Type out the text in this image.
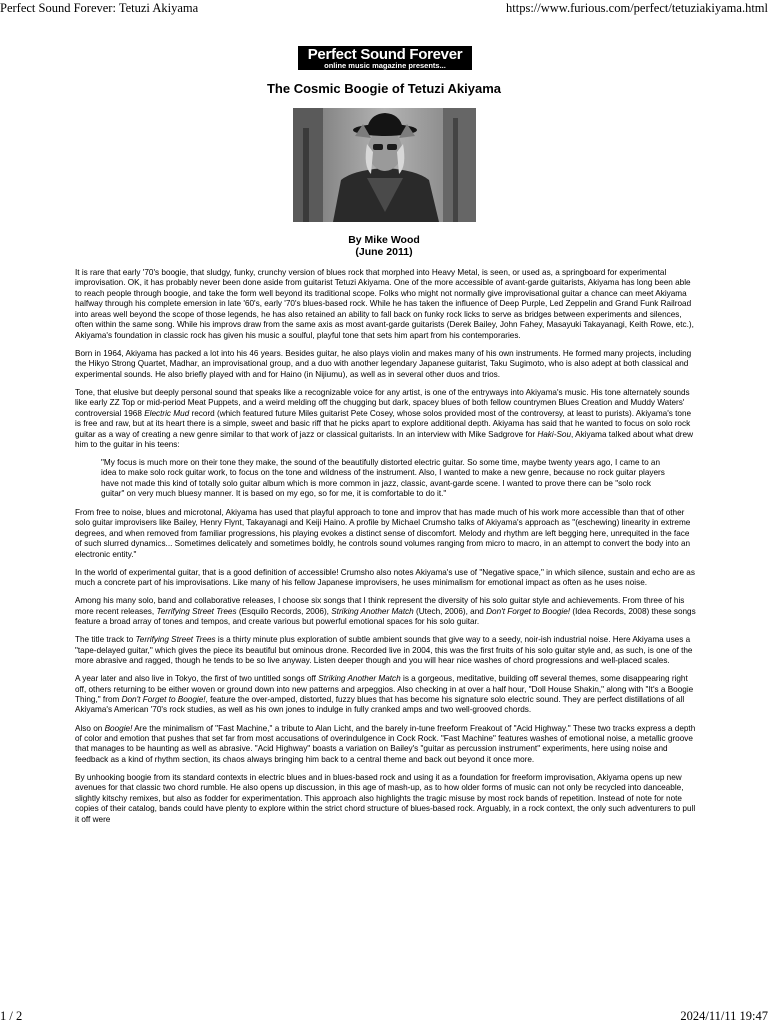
Perfect Sound Forever: Tetuzi Akiyama	https://www.furious.com/perfect/tetuziakiyama.html
Perfect Sound Forever
online music magazine presents...
The Cosmic Boogie of Tetuzi Akiyama
By Mike Wood
(June 2011)

It is rare that early '70's boogie, that sludgy, funky, crunchy version of blues rock that morphed into Heavy Metal, is seen, or used as, a springboard for experimental improvisation. OK, it has probably never been done aside from guitarist Tetuzi Akiyama. One of the more accessible of avant-garde guitarists, Akiyama has long been able to reach people through boogie, and take the form well beyond its traditional scope. Folks who might not normally give improvisational guitar a chance can meet Akiyama halfway through his complete emersion in late '60's, early '70's blues-based rock. While he has taken the influence of Deep Purple, Led Zeppelin and Grand Funk Railroad into areas well beyond the scope of those legends, he has also retained an ability to fall back on funky rock licks to serve as bridges between experiments and silences, often within the same song. While his improvs draw from the same axis as most avant-garde guitarists (Derek Bailey, John Fahey, Masayuki Takayanagi, Keith Rowe, etc.), Akiyama's foundation in classic rock has given his music a soulful, playful tone that sets him apart from his contemporaries.

Born in 1964, Akiyama has packed a lot into his 46 years. Besides guitar, he also plays violin and makes many of his own instruments. He formed many projects, including the Hikyo Strong Quartet, Madhar, an improvisational group, and a duo with another legendary Japanese guitarist, Taku Sugimoto, who is also adept at both classical and experimental sounds. He also briefly played with and for Haino (in Nijiumu), as well as in several other duos and trios.

Tone, that elusive but deeply personal sound that speaks like a recognizable voice for any artist, is one of the entryways into Akiyama's music. His tone alternately sounds like early ZZ Top or mid-period Meat Puppets, and a weird melding off the chugging but dark, spacey blues of both fellow countrymen Blues Creation and Muddy Waters' controversial 1968 Electric Mud record (which featured future Miles guitarist Pete Cosey, whose solos provided most of the controversy, at least to purists). Akiyama's tone is free and raw, but at its heart there is a simple, sweet and basic riff that he picks apart to explore additional depth. Akiyama has said that he wanted to focus on solo rock guitar as a way of creating a new genre similar to that work of jazz or classical guitarists. In an interview with Mike Sadgrove for Haki-Sou, Akiyama talked about what drew him to the guitar in his teens:

"My focus is much more on their tone they make, the sound of the beautifully distorted electric guitar. So some time, maybe twenty years ago, I came to an idea to make solo rock guitar work, to focus on the tone and wildness of the instrument. Also, I wanted to make a new genre, because no rock guitar players have not made this kind of totally solo guitar album which is more common in jazz, classic, avant-garde scene. I wanted to prove there can be "solo rock guitar" on very much bluesy manner. It is based on my ego, so for me, it is comfortable to do it."

From free to noise, blues and microtonal, Akiyama has used that playful approach to tone and improv that has made much of his work more accessible than that of other solo guitar improvisers like Bailey, Henry Flynt, Takayanagi and Keiji Haino. A profile by Michael Crumsho talks of Akiyama's approach as "(eschewing) linearity in extreme degrees, and when removed from familiar progressions, his playing evokes a distinct sense of discomfort. Melody and rhythm are left begging here, unrequited in the face of such slurred dynamics... Sometimes delicately and sometimes boldly, he controls sound volumes ranging from micro to macro, in an attempt to convert the body into an electronic entity."

In the world of experimental guitar, that is a good definition of accessible! Crumsho also notes Akiyama's use of "Negative space," in which silence, sustain and echo are as much a concrete part of his improvisations. Like many of his fellow Japanese improvisers, he uses minimalism for emotional impact as often as he uses noise.

Among his many solo, band and collaborative releases, I choose six songs that I think represent the diversity of his solo guitar style and achievements. From three of his more recent releases, Terrifying Street Trees (Esquilo Records, 2006), Striking Another Match (Utech, 2006), and Don't Forget to Boogie! (Idea Records, 2008) these songs feature a broad array of tones and tempos, and create various but powerful emotional spaces for his solo guitar.

The title track to Terrifying Street Trees is a thirty minute plus exploration of subtle ambient sounds that give way to a seedy, noir-ish industrial noise. Here Akiyama uses a "tape-delayed guitar," which gives the piece its beautiful but ominous drone. Recorded live in 2004, this was the first fruits of his solo guitar style and, as such, is one of the more abrasive and ragged, though he tends to be so live anyway. Listen deeper though and you will hear nice washes of chord progressions and well-placed scales.

A year later and also live in Tokyo, the first of two untitled songs off Striking Another Match is a gorgeous, meditative, building off several themes, some disappearing right off, others returning to be either woven or ground down into new patterns and arpeggios. Also checking in at over a half hour, "Doll House Shakin," along with "It's a Boogie Thing," from Don't Forget to Boogie!, feature the over-amped, distorted, fuzzy blues that has become his signature solo electric sound. They are perfect distillations of all Akiyama's American '70's rock studies, as well as his own jones to indulge in fully cranked amps and two well-grooved chords.

Also on Boogie! Are the minimalism of "Fast Machine," a tribute to Alan Licht, and the barely in-tune freeform Freakout of "Acid Highway." These two tracks express a depth of color and emotion that pushes that set far from most accusations of overindulgence in Cock Rock. "Fast Machine" features washes of emotional noise, a metallic groove that manages to be haunting as well as abrasive. "Acid Highway" boasts a variation on Bailey's "guitar as percussion instrument" experiments, here using noise and feedback as a kind of rhythm section, its chaos always bringing him back to a central theme and back out beyond it once more.

By unhooking boogie from its standard contexts in electric blues and in blues-based rock and using it as a foundation for freeform improvisation, Akiyama opens up new avenues for that classic two chord rumble. He also opens up discussion, in this age of mash-up, as to how older forms of music can not only be recycled into danceable, slightly kitschy remixes, but also as fodder for experimentation. This approach also highlights the tragic misuse by most rock bands of repetition. Instead of note for note copies of their catalog, bands could have plenty to explore within the strict chord structure of blues-based rock. Arguably, in a rock context, the only such adventurers to pull it off were

1 / 2	2024/11/11 19:47
